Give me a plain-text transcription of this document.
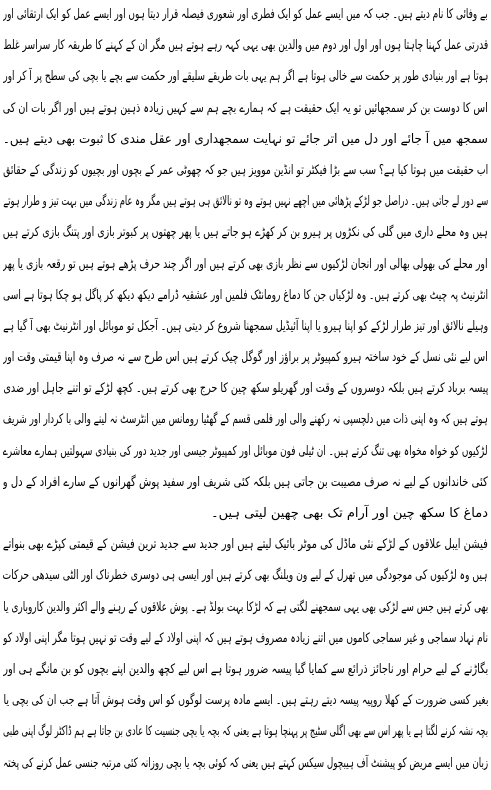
بے وفائی کا نام دیتے ہیں۔ جب کہ میں ایسے عمل کو ایک فطری اور شعوری فیصلہ قرار دیتا ہوں اور ایسے عمل کو ایک ارتقائی اور
قدرتی عمل کہنا چاہتا ہوں اور اول اور دوم میں والدین بھی یہی کہہ رہے ہوتے ہیں مگر ان کے کہنے کا طریقہ کار سراسر غلط
ہوتا ہے اور بنیادی طور پر حکمت سے خالی ہوتا ہے اگر ہم یہی بات طریقے سلیقے اور حکمت سے بچے یا بچی کی سطح پر آ کر اور
اس کا دوست بن کر سمجھائیں تو یہ ایک حقیقت ہے کہ ہمارے بچے ہم سے کہیں زیادہ ذہین ہوتے ہیں اور اگر بات ان کی
سمجھ میں آ جائے اور دل میں اتر جائے تو نہایت سمجھداری اور عقل مندی کا ثبوت بھی دیتے ہیں۔
اب حقیقت میں ہوتا کیا ہے؟ سب سے بڑا فیکٹر تو انڈین موویز ہیں جو کہ چھوٹی عمر کے بچوں اور بچیوں کو زندگی کے حقائق
سے دور لے جاتی ہیں۔ دراصل جو لڑکے پڑھائی میں اچھے نہیں ہوتے وہ تو نالائق ہی ہوتے ہیں مگر وہ عام زندگی میں بہت تیز و طرار ہوتے
ہیں وہ محلے داری میں گلی کی نکڑوں پر ہیرو بن کر کھڑے ہو جاتے ہیں یا پھر چھتوں پر کبوتر بازی اور پتنگ بازی کرتے ہیں
اور محلے کی بھولی بھالی اور انجان لڑکیوں سے نظر بازی بھی کرتے ہیں اور اگر چند حرف پڑھے ہوتے ہیں تو رقعہ بازی یا پھر
انٹرنیٹ پہ چیٹ بھی کرتے ہیں۔ وہ لڑکیاں جن کا دماغ رومانٹک فلمیں اور عشقیہ ڈرامے دیکھ دیکھ کر پاگل ہو چکا ہوتا ہے اسی
وہیلے نالائق اور تیز طرار لڑکے کو اپنا ہیرو یا اپنا آئیڈیل سمجھنا شروع کر دیتی ہیں۔ آجکل تو موبائل اور انٹرنیٹ بھی آ گیا ہے
اس لیے نئی نسل کے خود ساختہ ہیرو کمپیوٹر پر براؤز اور گوگل چیک کرتے ہیں اس طرح سے نہ صرف وہ اپنا قیمتی وقت اور
پیسہ برباد کرتے ہیں بلکہ دوسروں کے وقت اور گھریلو سکھ چین کا حرج بھی کرتے ہیں۔ کچھ لڑکے تو اتنے جاہل اور ضدی
ہوتے ہیں کہ وہ اپنی ذات میں دلچسپی نہ رکھنے والی اور فلمی قسم کے گھٹیا رومانس میں انٹرسٹ نہ لینے والی با کردار اور شریف
لڑکیوں کو خواہ مخواہ بھی تنگ کرتے ہیں۔ ان ٹیلی فون موبائل اور کمپیوٹر جیسی اور جدید دور کی بنیادی سہولتیں ہمارے معاشرے
کئی خاندانوں کے لیے نہ صرف مصیبت بن جاتی ہیں بلکہ کئی شریف اور سفید پوش گھرانوں کے سارے افراد کے دل و
دماغ کا سکھ چین اور آرام تک بھی چھین لیتی ہیں۔
فیشن ایبل علاقوں کے لڑکے نئی ماڈل کی موٹر بائیک لیتے ہیں اور جدید سے جدید ترین فیشن کے قیمتی کپڑے بھی بنواتے
ہیں وہ لڑکیوں کی موجودگی میں تھرل کے لیے ون ویلنگ بھی کرتے ہیں اور ایسی ہی دوسری خطرناک اور الٹی سیدھی حرکات
بھی کرتے ہیں جس سے لڑکی بھی یہی سمجھنے لگتی ہے کہ لڑکا بہت بولڈ ہے۔ پوش علاقوں کے رہنے والے اکثر والدین کاروباری یا
نام نہاد سماجی و غیر سماجی کاموں میں اتنے زیادہ مصروف ہوتے ہیں کہ اپنی اولاد کے لیے وقت تو نہیں ہوتا مگر اپنی اولاد کو
بگاڑنے کے لیے حرام اور ناجائز ذرائع سے کمایا گیا پیسہ ضرور ہوتا ہے اس لیے کچھ والدین اپنے بچوں کو بن مانگے ہی اور
بغیر کسی ضرورت کے کھلا روپیہ پیسہ دیتے رہتے ہیں۔ ایسے مادہ پرست لوگوں کو اس وقت ہوش آتا ہے جب ان کی بچی یا
بچہ نشہ کرنے لگتا ہے یا پھر اس سے بھی اگلی سٹیج پر پہنچا ہوتا ہے یعنی کہ بچہ یا بچی جنسیت کا عادی بن جاتا ہے ہم ڈاکٹر لوگ اپنی طبی
زبان میں ایسے مریض کو پیشنٹ آف ہیبچول سیکس کہتے ہیں یعنی کہ کوئی بچہ یا بچی روزانہ کئی مرتبہ جنسی عمل کرنے کی پختہ
